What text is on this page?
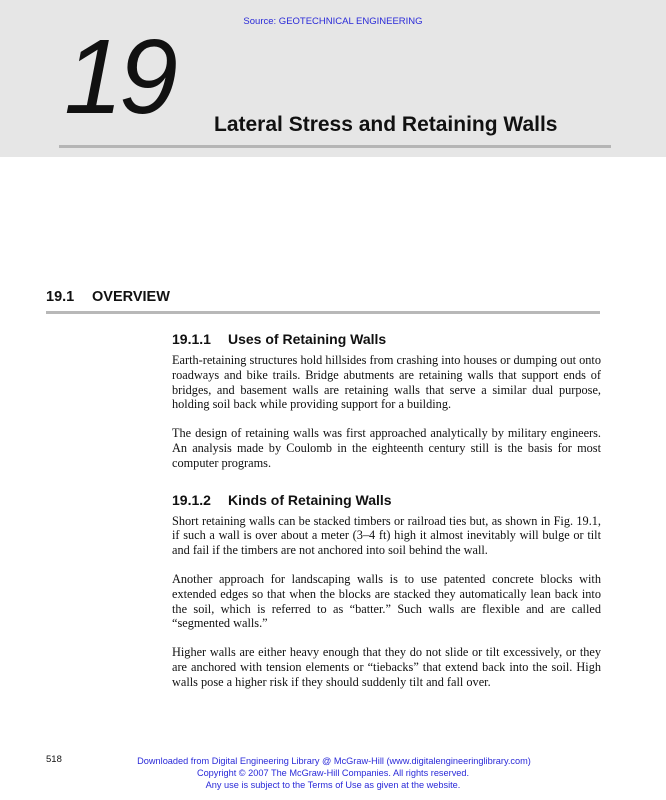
Source: GEOTECHNICAL ENGINEERING
19 Lateral Stress and Retaining Walls
19.1 OVERVIEW
19.1.1 Uses of Retaining Walls

Earth-retaining structures hold hillsides from crashing into houses or dumping out onto roadways and bike trails. Bridge abutments are retaining walls that support ends of bridges, and basement walls are retaining walls that serve a similar dual purpose, holding soil back while providing support for a building.

The design of retaining walls was first approached analytically by military engineers. An analysis made by Coulomb in the eighteenth century still is the basis for most computer programs.

19.1.2 Kinds of Retaining Walls

Short retaining walls can be stacked timbers or railroad ties but, as shown in Fig. 19.1, if such a wall is over about a meter (3–4 ft) high it almost inevitably will bulge or tilt and fail if the timbers are not anchored into soil behind the wall.

Another approach for landscaping walls is to use patented concrete blocks with extended edges so that when the blocks are stacked they automatically lean back into the soil, which is referred to as “batter.” Such walls are flexible and are called “segmented walls.”

Higher walls are either heavy enough that they do not slide or tilt excessively, or they are anchored with tension elements or “tiebacks” that extend back into the soil. High walls pose a higher risk if they should suddenly tilt and fall over.

518	Downloaded from Digital Engineering Library @ McGraw-Hill (www.digitalengineeringlibrary.com)
Copyright © 2007 The McGraw-Hill Companies. All rights reserved.
Any use is subject to the Terms of Use as given at the website.
